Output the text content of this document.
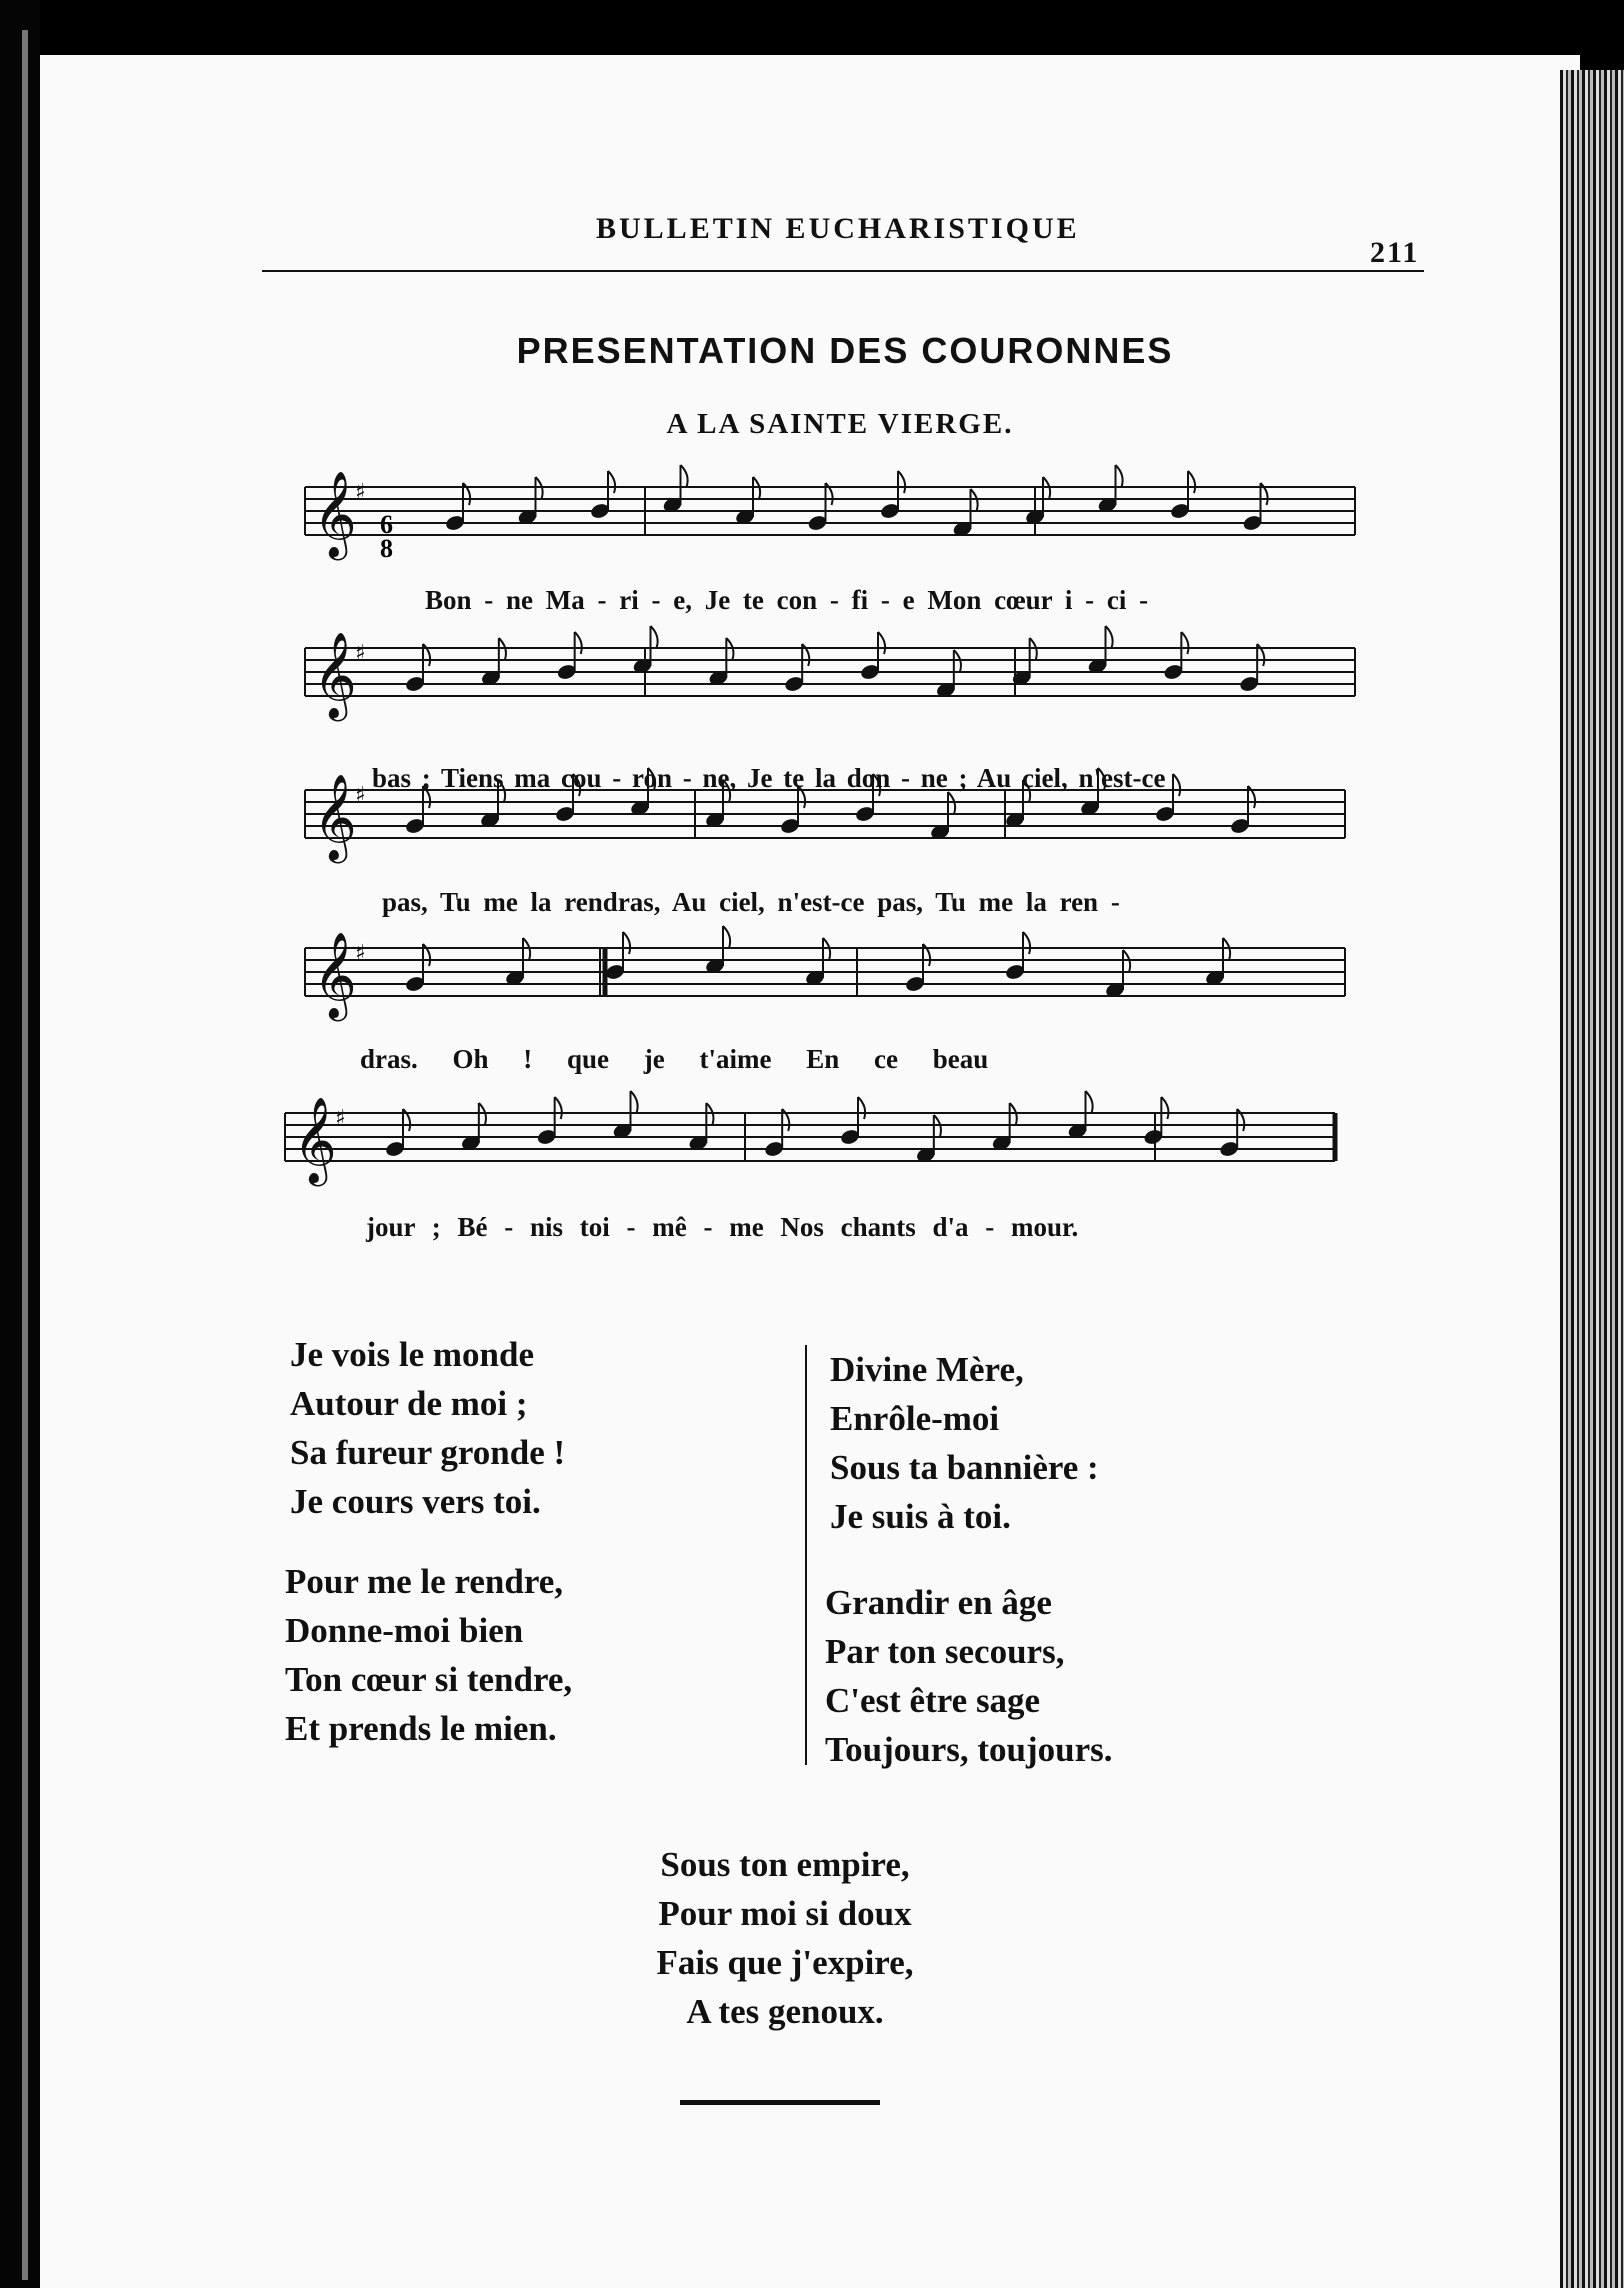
BULLETIN EUCHARISTIQUE
211
PRESENTATION DES COURONNES
A LA SAINTE VIERGE.
𝄞
♯
𝄞
♯
𝄞
♯
𝄞
♯
𝄞
♯
6
8
Bon - ne Ma - ri - e, Je te con - fi - e Mon cœur i - ci -
bas ; Tiens ma cou - ron - ne, Je te la don - ne ; Au ciel, n'est-ce
pas, Tu me la rendras, Au ciel, n'est-ce pas, Tu me la ren -
dras. Oh ! que je t'aime En ce beau
jour ; Bé - nis toi - mê - me Nos chants d'a - mour.
Je vois le monde
Autour de moi ;
Sa fureur gronde !
Je cours vers toi.
Pour me le rendre,
Donne-moi bien
Ton cœur si tendre,
Et prends le mien.
Divine Mère,
Enrôle-moi
Sous ta bannière :
Je suis à toi.
Grandir en âge
Par ton secours,
C'est être sage
Toujours, toujours.
Sous ton empire,
Pour moi si doux
Fais que j'expire,
A tes genoux.
